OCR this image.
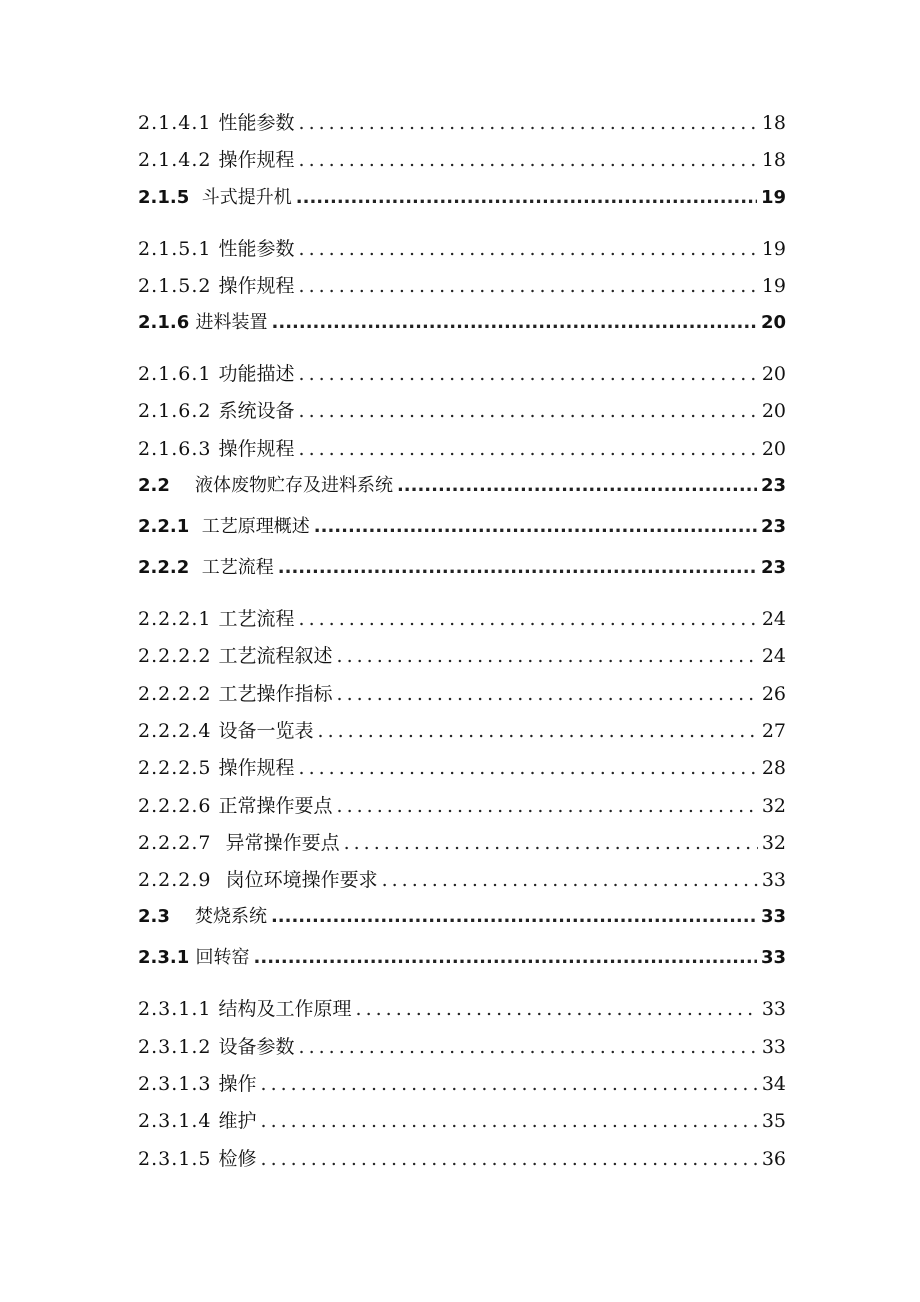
2.1.4.1 性能参数 .....	18
2.1.4.2 操作规程 .....	18
2.1.5 斗式提升机 .....	19
2.1.5.1 性能参数 .....	19
2.1.5.2 操作规程 .....	19
2.1.6 进料装置 .....	20
2.1.6.1 功能描述 .....	20
2.1.6.2 系统设备 .....	20
2.1.6.3 操作规程 .....	20
2.2 液体废物贮存及进料系统 .....	23
2.2.1 工艺原理概述 .....	23
2.2.2 工艺流程 .....	23
2.2.2.1 工艺流程 .....	24
2.2.2.2 工艺流程叙述 .....	24
2.2.2.2 工艺操作指标 .....	26
2.2.2.4 设备一览表 .....	27
2.2.2.5 操作规程 .....	28
2.2.2.6 正常操作要点 .....	32
2.2.2.7 异常操作要点 .....	32
2.2.2.9 岗位环境操作要求 .....	33
2.3 焚烧系统 .....	33
2.3.1 回转窑 .....	33
2.3.1.1 结构及工作原理 .....	33
2.3.1.2 设备参数 .....	33
2.3.1.3 操作 .....	34
2.3.1.4 维护 .....	35
2.3.1.5 检修 .....	36
